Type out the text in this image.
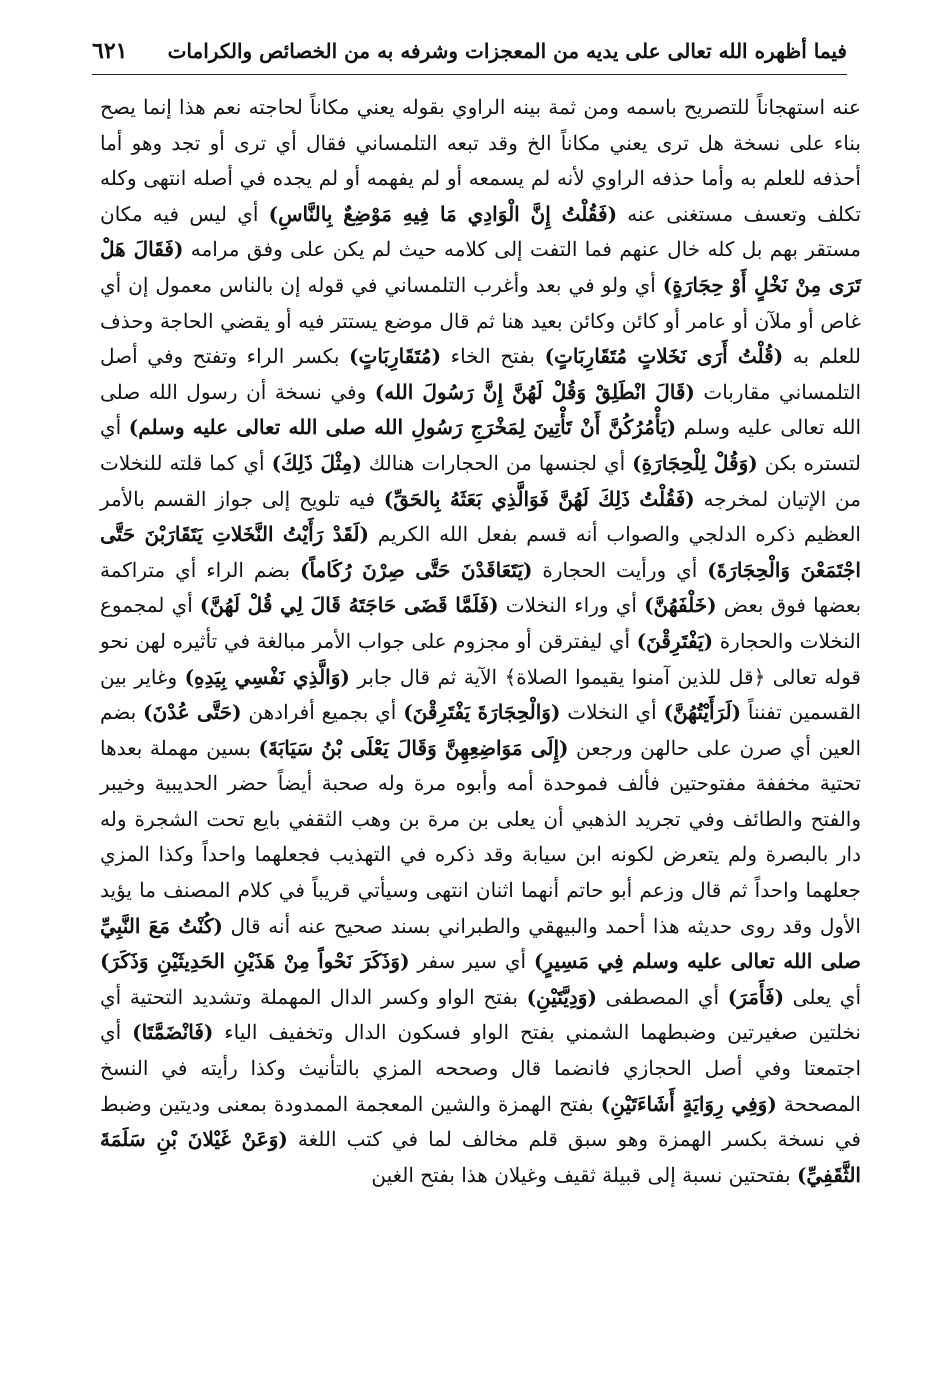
فيما أظهره الله تعالى على يديه من المعجزات وشرفه به من الخصائص والكرامات
٦٢١

عنه استهجاناً للتصريح باسمه ومن ثمة بينه الراوي بقوله يعني مكاناً لحاجته نعم هذا إنما يصح بناء على نسخة هل ترى يعني مكاناً الخ وقد تبعه التلمساني فقال أي ترى أو تجد وهو أما أحذفه للعلم به وأما حذفه الراوي لأنه لم يسمعه أو لم يفهمه أو لم يجده في أصله انتهى وكله تكلف وتعسف مستغنى عنه (فَقُلْتُ إِنَّ الْوَادِي مَا فِيهِ مَوْضِعٌ بِالنَّاسِ) أي ليس فيه مكان مستقر بهم بل كله خال عنهم فما التفت إلى كلامه حيث لم يكن على وفق مرامه (فَقَالَ هَلْ تَرَى مِنْ نَخْلٍ أَوْ حِجَارَةٍ) أي ولو في بعد وأغرب التلمساني في قوله إن بالناس معمول إن أي غاص أو ملآن أو عامر أو كائن وكائن بعيد هنا ثم قال موضع يستتر فيه أو يقضي الحاجة وحذف للعلم به (قُلْتُ أَرَى نَخَلاتٍ مُتَقَارِبَاتٍ) بفتح الخاء (مُتَقَارِبَاتٍ) بكسر الراء وتفتح وفي أصل التلمساني مقاربات (قَالَ انْطَلِقْ وَقُلْ لَهُنَّ إِنَّ رَسُولَ الله) وفي نسخة أن رسول الله صلى الله تعالى عليه وسلم (يَأْمُرُكُنَّ أَنْ تَأْتِينَ لِمَخْرَجِ رَسُولِ الله صلى الله تعالى عليه وسلم) أي لتستره بكن (وَقُلْ لِلْحِجَارَةِ) أي لجنسها من الحجارات هنالك (مِثْلَ ذَلِكَ) أي كما قلته للنخلات من الإتيان لمخرجه (فَقُلْتُ ذَلِكَ لَهُنَّ فَوَالَّذِي بَعَثَهُ بِالحَقِّ) فيه تلويح إلى جواز القسم بالأمر العظيم ذكره الدلجي والصواب أنه قسم بفعل الله الكريم (لَقَدْ رَأَيْتُ النَّخَلاتِ يَتَقَارَبْنَ حَتَّى اجْتَمَعْنَ وَالْحِجَارَةَ) أي ورأيت الحجارة (يَتَعَاقَدْنَ حَتَّى صِرْنَ رُكَاماً) بضم الراء أي متراكمة بعضها فوق بعض (خَلْفَهُنَّ) أي وراء النخلات (فَلَمَّا قَضَى حَاجَتَهُ قَالَ لِي قُلْ لَهُنَّ) أي لمجموع النخلات والحجارة (يَفْتَرِقْنَ) أي ليفترقن أو مجزوم على جواب الأمر مبالغة في تأثيره لهن نحو قوله تعالى ﴿قل للذين آمنوا يقيموا الصلاة﴾ الآية ثم قال جابر (وَالَّذِي نَفْسِي بِيَدِهِ) وغاير بين القسمين تفنناً (لَرَأَيْتُهُنَّ) أي النخلات (وَالْحِجَارَةَ يَفْتَرِقْنَ) أي بجميع أفرادهن (حَتَّى عُدْنَ) بضم العين أي صرن على حالهن ورجعن (إِلَى مَوَاضِعِهِنَّ وَقَالَ يَعْلَى بْنُ سَيَابَةَ) بسين مهملة بعدها تحتية مخففة مفتوحتين فألف فموحدة أمه وأبوه مرة وله صحبة أيضاً حضر الحديبية وخيبر والفتح والطائف وفي تجريد الذهبي أن يعلى بن مرة بن وهب الثقفي بايع تحت الشجرة وله دار بالبصرة ولم يتعرض لكونه ابن سيابة وقد ذكره في التهذيب فجعلهما واحداً وكذا المزي جعلهما واحداً ثم قال وزعم أبو حاتم أنهما اثنان انتهى وسيأتي قريباً في كلام المصنف ما يؤيد الأول وقد روى حديثه هذا أحمد والبيهقي والطبراني بسند صحيح عنه أنه قال (كُنْتُ مَعَ النَّبِيِّ صلى الله تعالى عليه وسلم فِي مَسِيرٍ) أي سير سفر (وَذَكَرَ نَحْواً مِنْ هَذَيْنِ الحَدِيثَيْنِ وَذَكَرَ) أي يعلى (فَأَمَرَ) أي المصطفى (وَدِيَّتَيْنِ) بفتح الواو وكسر الدال المهملة وتشديد التحتية أي نخلتين صغيرتين وضبطهما الشمني بفتح الواو فسكون الدال وتخفيف الياء (فَانْضَمَّتَا) أي اجتمعتا وفي أصل الحجازي فانضما قال وصححه المزي بالتأنيث وكذا رأيته في النسخ المصححة (وَفِي رِوَايَةٍ أَشَاءَتَيْنِ) بفتح الهمزة والشين المعجمة الممدودة بمعنى وديتين وضبط في نسخة بكسر الهمزة وهو سبق قلم مخالف لما في كتب اللغة (وَعَنْ غَيْلانَ بْنِ سَلَمَةَ الثَّقَفِيِّ) بفتحتين نسبة إلى قبيلة ثقيف وغيلان هذا بفتح الغين
